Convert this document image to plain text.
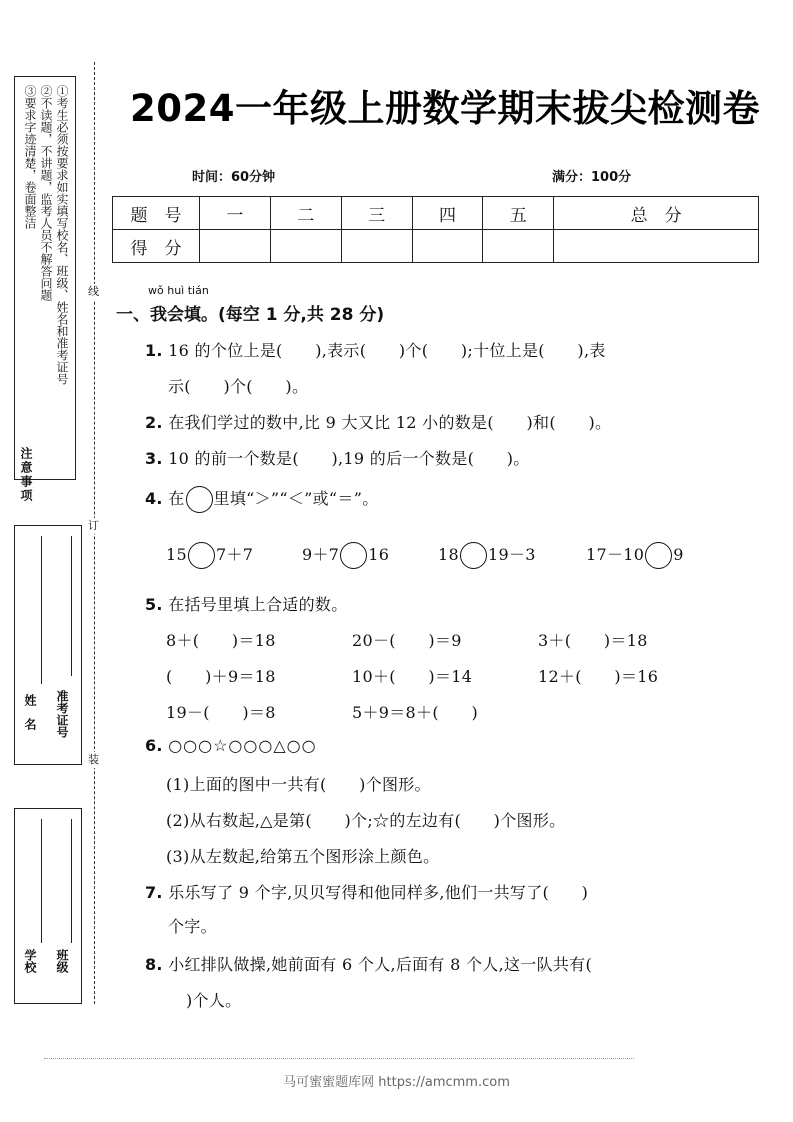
注意事项
①考生必须按要求如实填写校名、班级、姓名和准考证号
②不读题，不讲题，监考人员不解答问题
③要求字迹清楚，卷面整洁
线
订
装
姓　名 准考证号
学校 班级
2024一年级上册数学期末拔尖检测卷
时间：60分钟	满分：100分
题　号	一	二	三	四	五	总　分
得　分						
wǒ huì tián
一、我会填。(每空 1 分,共 28 分)
1. 16 的个位上是(　　),表示(　　)个(　　);十位上是(　　),表
示(　　)个(　　)。
2. 在我们学过的数中,比 9 大又比 12 小的数是(　　)和(　　)。
3. 10 的前一个数是(　　),19 的后一个数是(　　)。
4. 在 里填“＞”“＜”或“＝”。
15 7＋7	9＋7 16	18 19－3	17－10 9
5. 在括号里填上合适的数。
8＋(　　)＝18	20－(　　)＝9	3＋(　　)＝18
(　　)＋9＝18	10＋(　　)＝14	12＋(　　)＝16
19－(　　)＝8	5＋9＝8＋(　　)
6. ○○○☆○○○△○○
(1)上面的图中一共有(　　)个图形。
(2)从右数起,△是第(　　)个;☆的左边有(　　)个图形。
(3)从左数起,给第五个图形涂上颜色。
7. 乐乐写了 9 个字,贝贝写得和他同样多,他们一共写了(　　)
个字。
8. 小红排队做操,她前面有 6 个人,后面有 8 个人,这一队共有(
)个人。
马可蜜蜜题库网 https://amcmm.com
